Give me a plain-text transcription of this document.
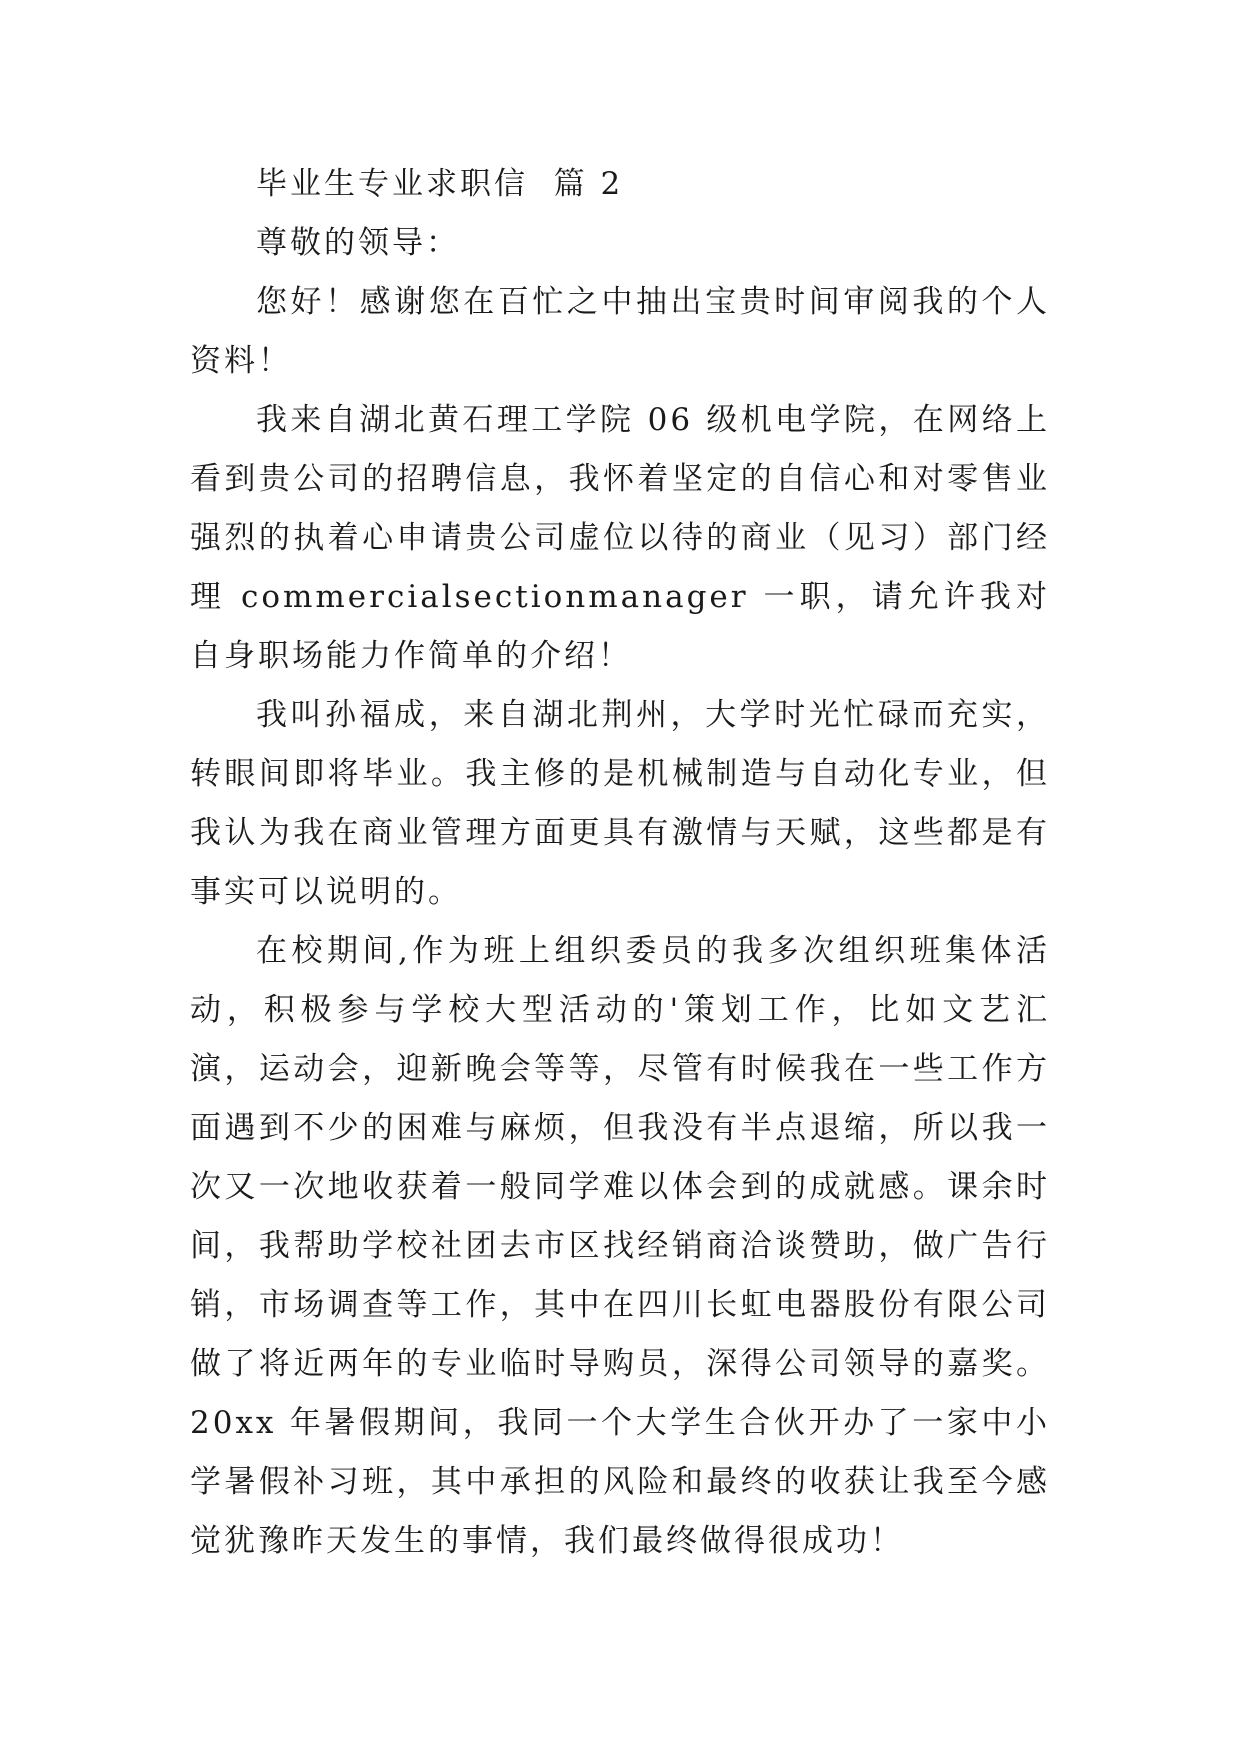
毕业生专业求职信  篇 2

尊敬的领导：

您好！感谢您在百忙之中抽出宝贵时间审阅我的个人资料！

我来自湖北黄石理工学院 06 级机电学院，在网络上看到贵公司的招聘信息，我怀着坚定的自信心和对零售业强烈的执着心申请贵公司虚位以待的商业（见习）部门经理 commercialsectionmanager 一职，请允许我对自身职场能力作简单的介绍！

我叫孙福成，来自湖北荆州，大学时光忙碌而充实，转眼间即将毕业。我主修的是机械制造与自动化专业，但我认为我在商业管理方面更具有激情与天赋，这些都是有事实可以说明的。

在校期间,作为班上组织委员的我多次组织班集体活动，积极参与学校大型活动的'策划工作，比如文艺汇演，运动会，迎新晚会等等，尽管有时候我在一些工作方面遇到不少的困难与麻烦，但我没有半点退缩，所以我一次又一次地收获着一般同学难以体会到的成就感。课余时间，我帮助学校社团去市区找经销商洽谈赞助，做广告行销，市场调查等工作，其中在四川长虹电器股份有限公司做了将近两年的专业临时导购员，深得公司领导的嘉奖。20xx 年暑假期间，我同一个大学生合伙开办了一家中小学暑假补习班，其中承担的风险和最终的收获让我至今感觉犹豫昨天发生的事情，我们最终做得很成功！
